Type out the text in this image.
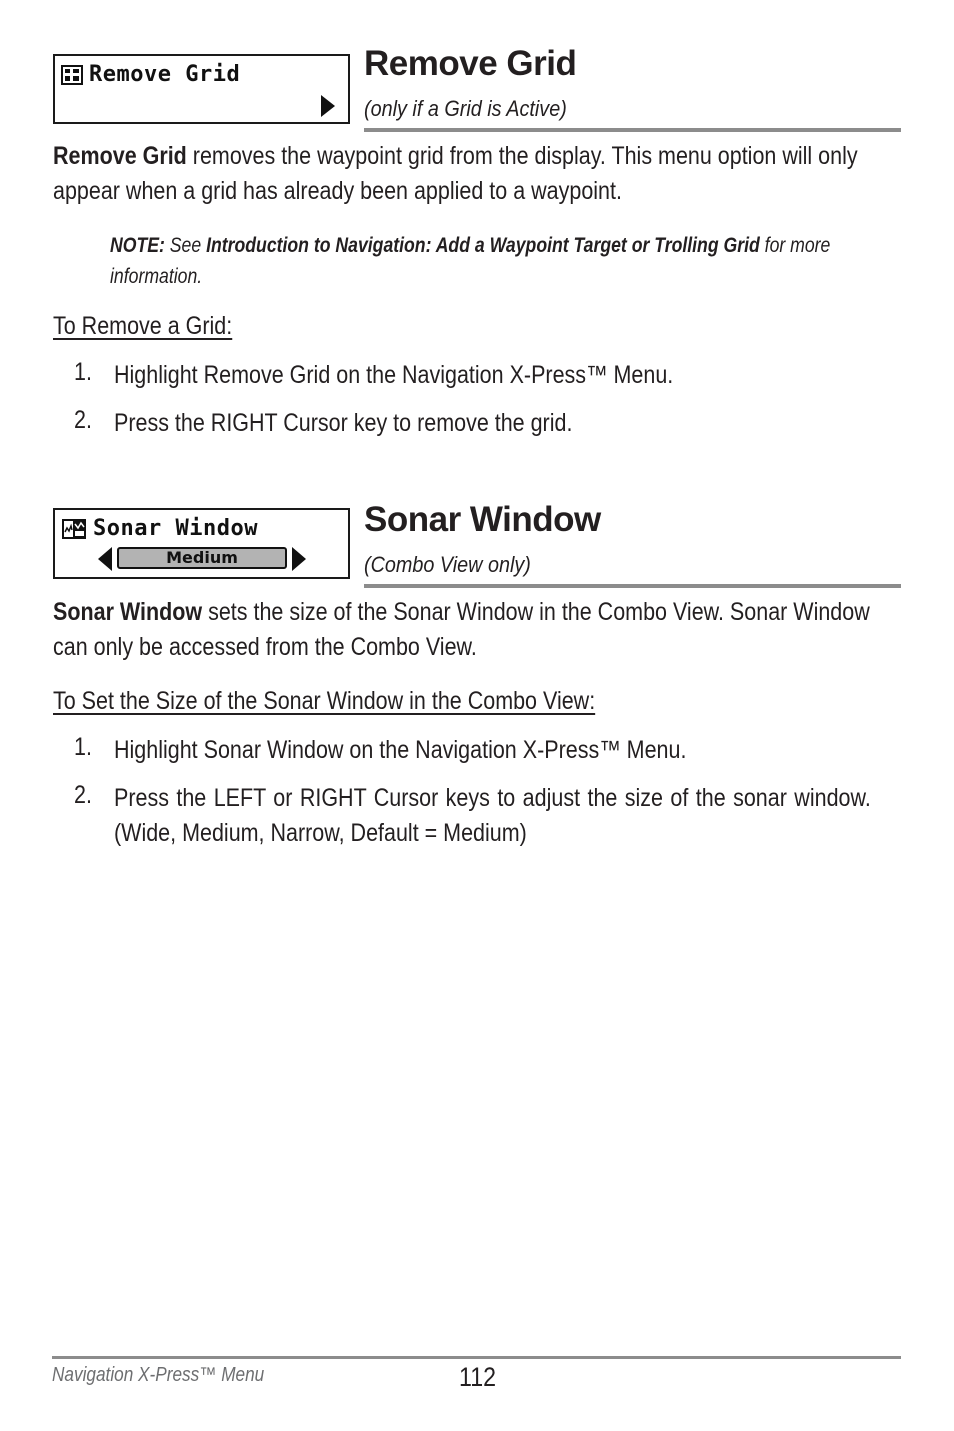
Remove Grid	Remove Grid
(only if a Grid is Active)
Remove Grid removes the waypoint grid from the display. This menu option will only appear when a grid has already been applied to a waypoint.
NOTE: See Introduction to Navigation: Add a Waypoint Target or Trolling Grid for more information.
To Remove a Grid:
1. Highlight Remove Grid on the Navigation X-Press™ Menu.
2. Press the RIGHT Cursor key to remove the grid.
Sonar Window
Medium
Sonar Window
(Combo View only)
Sonar Window sets the size of the Sonar Window in the Combo View. Sonar Window can only be accessed from the Combo View.
To Set the Size of the Sonar Window in the Combo View:
1. Highlight Sonar Window on the Navigation X-Press™ Menu.
2. Press the LEFT or RIGHT Cursor keys to adjust the size of the sonar window. (Wide, Medium, Narrow, Default = Medium)
Navigation X-Press™ Menu	112
